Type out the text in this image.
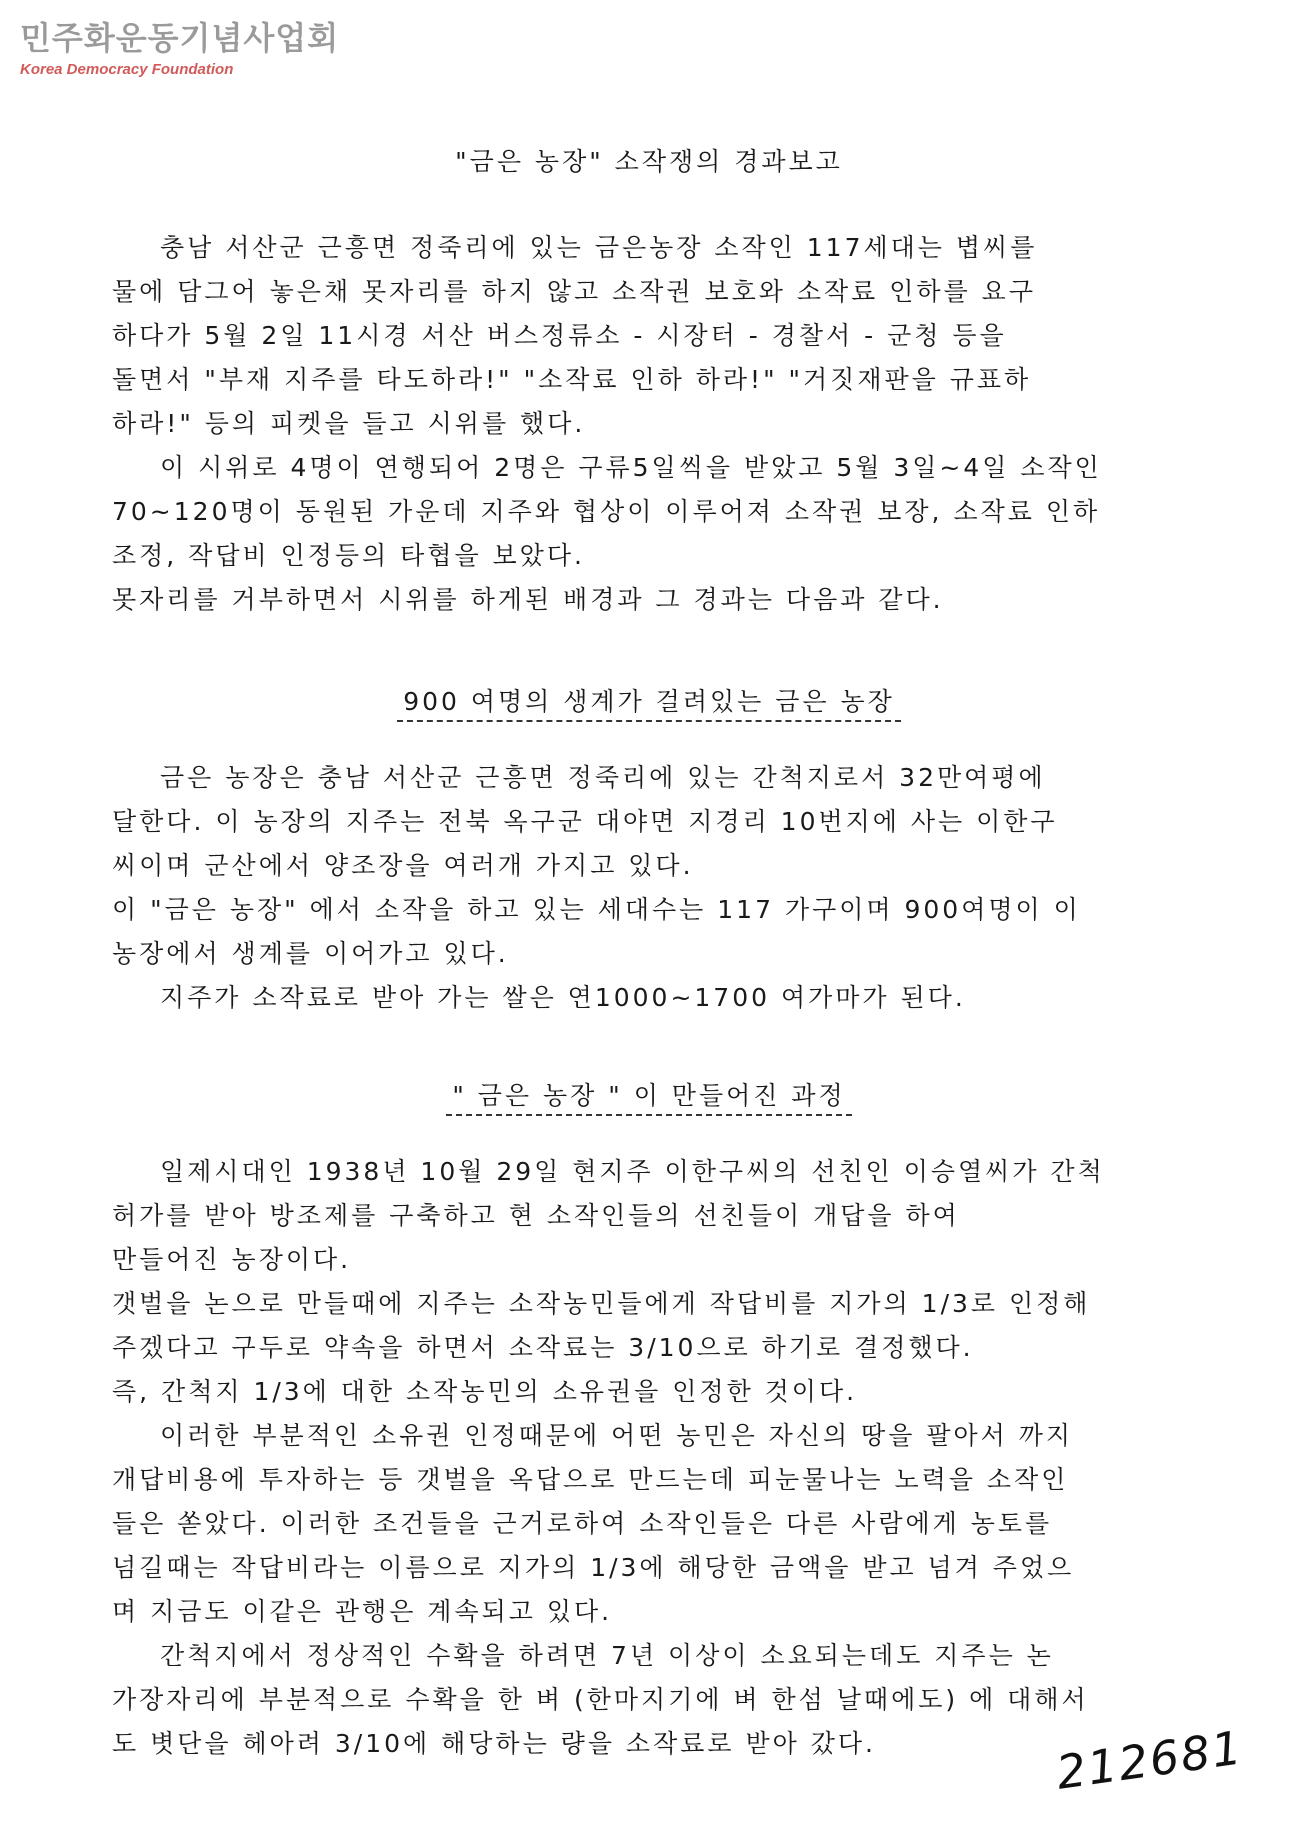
민주화운동기념사업회
Korea Democracy Foundation
"금은 농장" 소작쟁의 경과보고

충남 서산군 근흥면 정죽리에 있는 금은농장 소작인 117세대는 볍씨를

물에 담그어 놓은채 못자리를 하지 않고 소작권 보호와 소작료 인하를 요구

하다가 5월 2일 11시경 서산 버스정류소 - 시장터 - 경찰서 - 군청 등을

돌면서 "부재 지주를 타도하라!" "소작료 인하 하라!" "거짓재판을 규표하

하라!" 등의 피켓을 들고 시위를 했다.

이 시위로 4명이 연행되어 2명은 구류5일씩을 받았고 5월 3일~4일 소작인

70~120명이 동원된 가운데 지주와 협상이 이루어져 소작권 보장, 소작료 인하

조정, 작답비 인정등의 타협을 보았다.

못자리를 거부하면서 시위를 하게된 배경과 그 경과는 다음과 같다.

900 여명의 생계가 걸려있는 금은 농장

금은 농장은 충남 서산군 근흥면 정죽리에 있는 간척지로서 32만여평에

달한다. 이 농장의 지주는 전북 옥구군 대야면 지경리 10번지에 사는 이한구

씨이며 군산에서 양조장을 여러개 가지고 있다.

이 "금은 농장" 에서 소작을 하고 있는 세대수는 117 가구이며 900여명이 이

농장에서 생계를 이어가고 있다.

지주가 소작료로 받아 가는 쌀은 연1000~1700 여가마가 된다.

" 금은 농장 " 이 만들어진 과정

일제시대인 1938년 10월 29일 현지주 이한구씨의 선친인 이승열씨가 간척

허가를 받아 방조제를 구축하고 현 소작인들의 선친들이 개답을 하여

만들어진 농장이다.

갯벌을 논으로 만들때에 지주는 소작농민들에게 작답비를 지가의 1/3로 인정해

주겠다고 구두로 약속을 하면서 소작료는 3/10으로 하기로 결정했다.

즉, 간척지 1/3에 대한 소작농민의 소유권을 인정한 것이다.

이러한 부분적인 소유권 인정때문에 어떤 농민은 자신의 땅을 팔아서 까지

개답비용에 투자하는 등 갯벌을 옥답으로 만드는데 피눈물나는 노력을 소작인

들은 쏟았다. 이러한 조건들을 근거로하여 소작인들은 다른 사람에게 농토를

넘길때는 작답비라는 이름으로 지가의 1/3에 해당한 금액을 받고 넘겨 주었으

며 지금도 이같은 관행은 계속되고 있다.

간척지에서 정상적인 수확을 하려면 7년 이상이 소요되는데도 지주는 논

가장자리에 부분적으로 수확을 한 벼 (한마지기에 벼 한섬 날때에도) 에 대해서

도 볏단을 헤아려 3/10에 해당하는 량을 소작료로 받아 갔다.	212681
